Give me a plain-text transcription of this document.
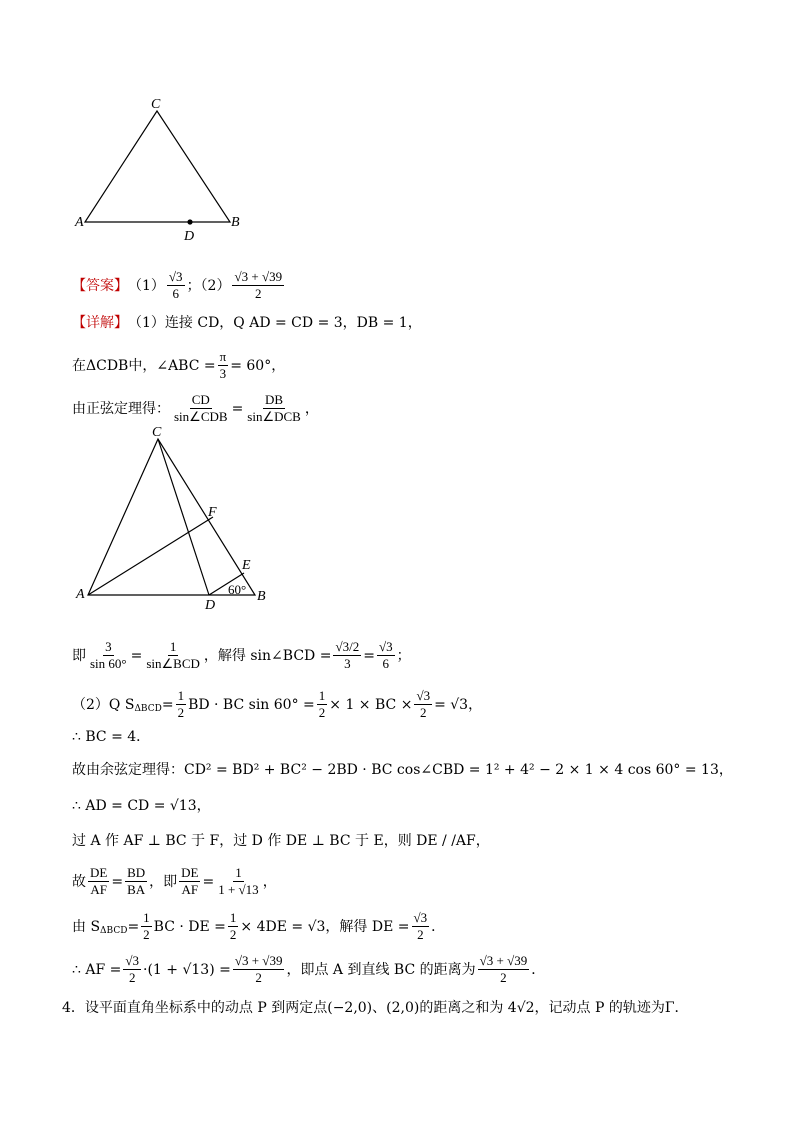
C
A	B
D
【答案】 $(1) \frac{√3}{6}$ ；$(2) \frac{√3 + √39}{2}$
【详解】 （1）连接 CD，Q AD = CD = 3，DB = 1，
在ΔCDB中，∠ABC = $\frac{\pi}{3} = 60^\circ$，
由正弦定理得： $\frac{CD}{\text{sin∠CDB}} = \frac{DB}{\text{sin∠DCB}}$ ，
C
A	B
D
E
F
60°
即 $\frac{3}{\sin 60^\circ} = \frac{1}{\text{sin∠BCD}}$ ，解得 sin∠BCD = $\frac{√3/2}{3} = \frac{√3}{6}$ ；
（2）Q S $\Delta BCD = \frac{1}{2}$ BD · BC $\sin 60^\circ = \frac{1}{2} \times 1$ × BC × $\frac{√3}{2} = √3$，
∴ BC = 4．
故由余弦定理得：CD² = BD² + BC² − 2BD · BC cos∠CBD = 1² + 4² − 2 × 1 × 4 cos 60° = 13，
∴ AD = CD = √13，
过 A 作 AF ⊥ BC 于 F，过 D 作 DE ⊥ BC 于 E，则 DE / /AF，
故 $\frac{DE}{AF} = \frac{BD}{BA}$ ，即 $\frac{DE}{AF} = \frac{1}{1 + √13}$ ，
由 S $\Delta BCD = \frac{1}{2}$ BC · DE = $\frac{1}{2} \times 4DE = √3$，解得 DE = $\frac{√3}{2}$ ．
∴ AF = $\frac{√3}{2} \cdot(1 + √13) = \frac{√3 + √39}{2}$ ，即点 A 到直线 BC 的距离为 $\frac{√3 + √39}{2}$ ．
4．设平面直角坐标系中的动点 P 到两定点(−2,0)、(2,0)的距离之和为 4√2，记动点 P 的轨迹为Γ．
